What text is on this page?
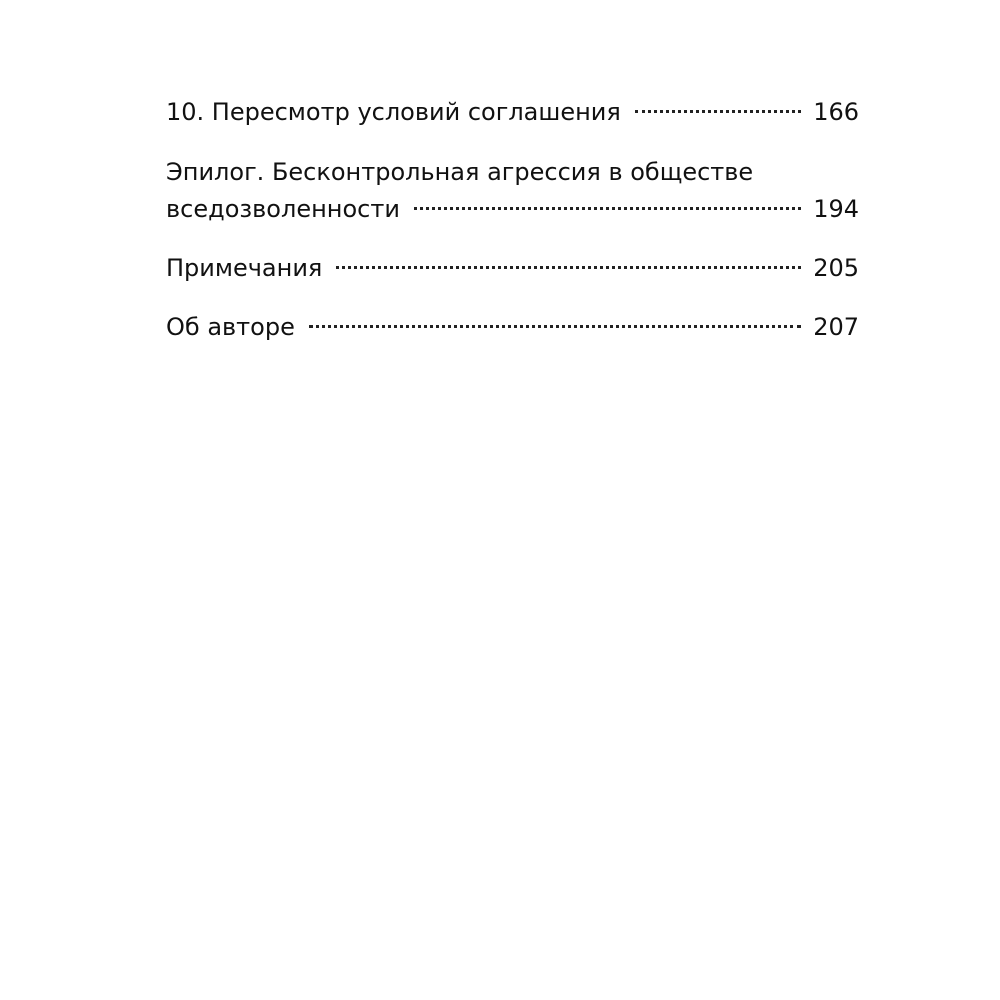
10. Пересмотр условий соглашения	166
Эпилог. Бесконтрольная агрессия в обществе
вседозволенности	194
Примечания	205
Об авторе	207
